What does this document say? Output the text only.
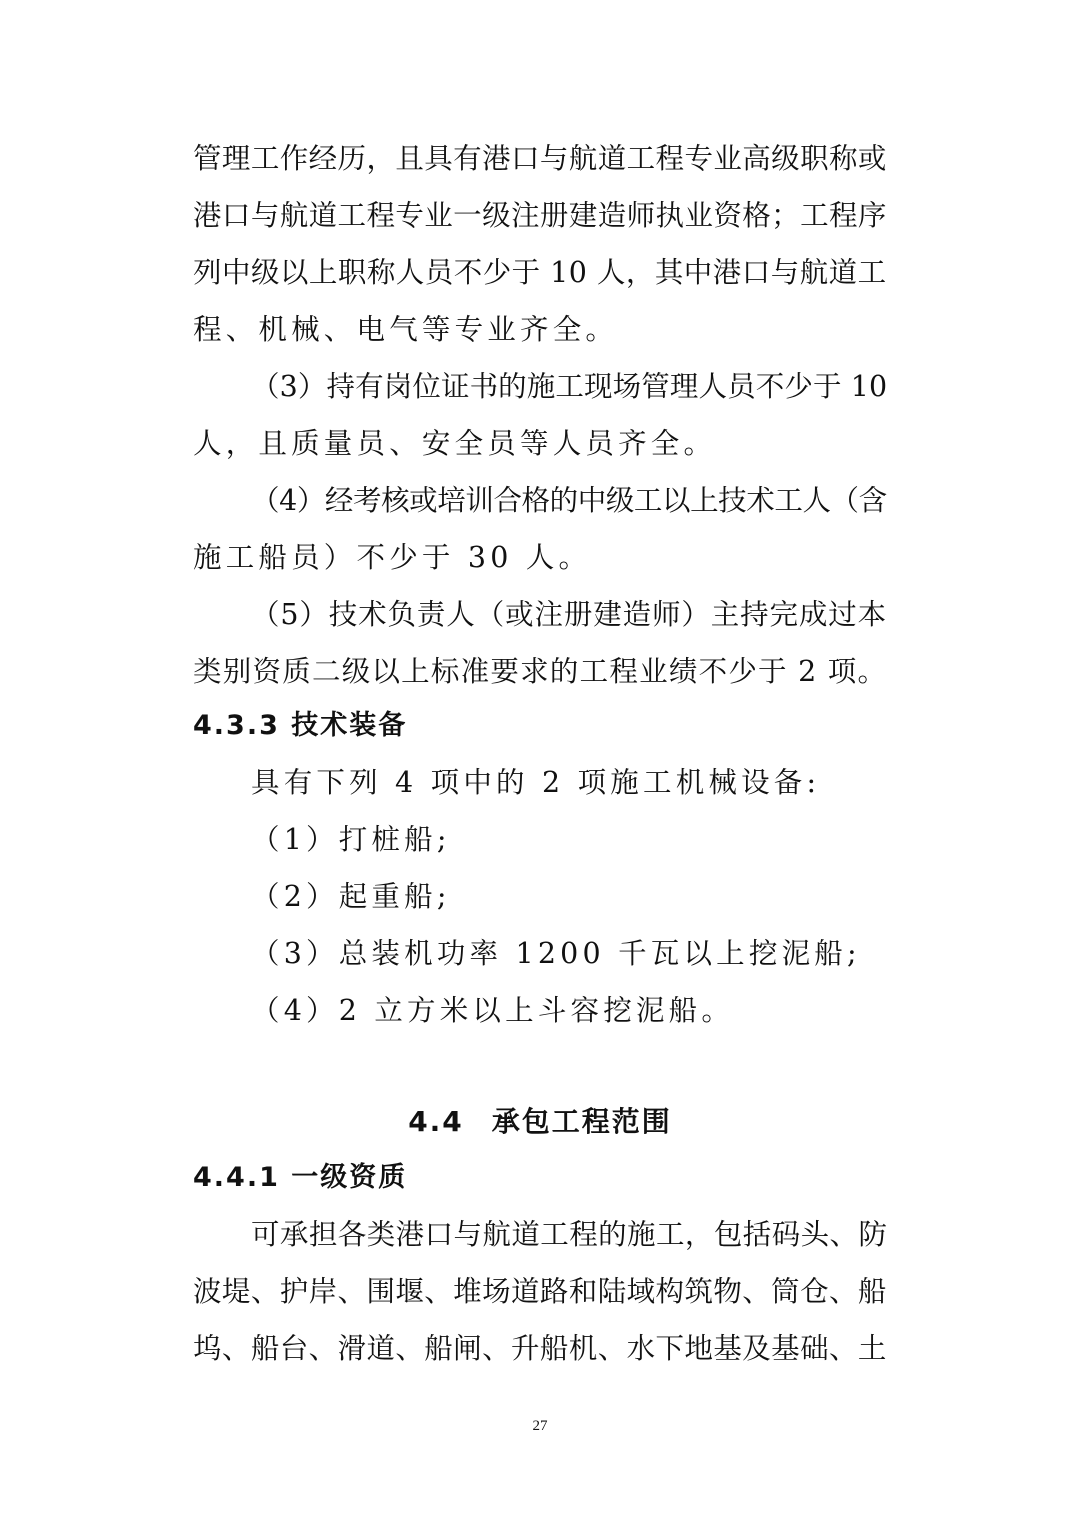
管理工作经历，且具有港口与航道工程专业高级职称或
港口与航道工程专业一级注册建造师执业资格；工程序
列中级以上职称人员不少于 10 人，其中港口与航道工
程、机械、电气等专业齐全。
（3）持有岗位证书的施工现场管理人员不少于 10
人，且质量员、安全员等人员齐全。
（4）经考核或培训合格的中级工以上技术工人（含
施工船员）不少于 30 人。
（5）技术负责人（或注册建造师）主持完成过本
类别资质二级以上标准要求的工程业绩不少于 2 项。
4.3.3 技术装备
具有下列 4 项中的 2 项施工机械设备:
（1）打桩船;
（2）起重船;
（3）总装机功率 1200 千瓦以上挖泥船;
（4）2 立方米以上斗容挖泥船。
4.4 承包工程范围
4.4.1 一级资质
可承担各类港口与航道工程的施工，包括码头、防
波堤、护岸、围堰、堆场道路和陆域构筑物、筒仓、船
坞、船台、滑道、船闸、升船机、水下地基及基础、土
27
